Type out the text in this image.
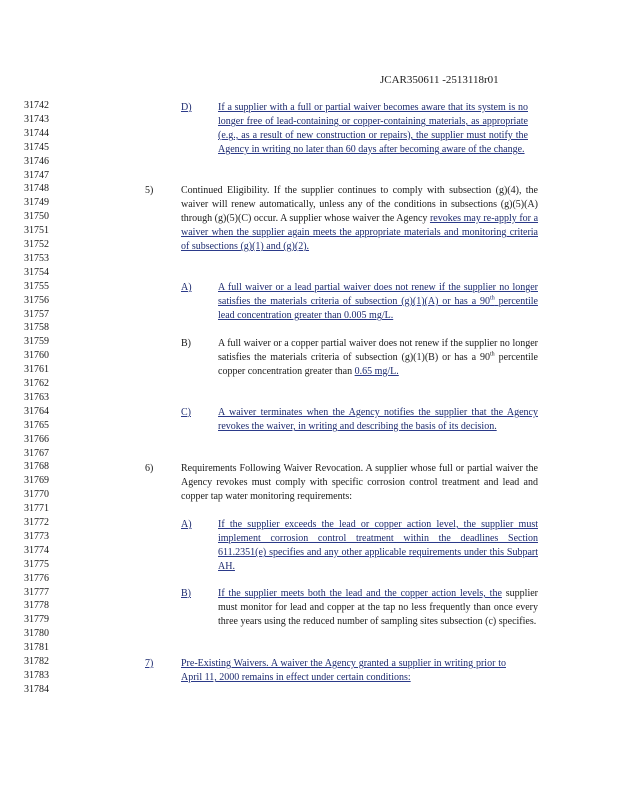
JCAR350611 -2513118r01
31742
31743
31744
31745
31746
31747
31748
31749
31750
31751
31752
31753
31754
31755
31756
31757
31758
31759
31760
31761
31762
31763
31764
31765
31766
31767
31768
31769
31770
31771
31772
31773
31774
31775
31776
31777
31778
31779
31780
31781
31782
31783
31784
D)	If a supplier with a full or partial waiver becomes aware that its system is no longer free of lead-containing or copper-containing materials, as appropriate (e.g., as a result of new construction or repairs), the supplier must notify the Agency in writing no later than 60 days after becoming aware of the change.
5)	Continued Eligibility. If the supplier continues to comply with subsection (g)(4), the waiver will renew automatically, unless any of the conditions in subsections (g)(5)(A) through (g)(5)(C) occur. A supplier whose waiver the Agency revokes may re-apply for a waiver when the supplier again meets the appropriate materials and monitoring criteria of subsections (g)(1) and (g)(2).
A)	A full waiver or a lead partial waiver does not renew if the supplier no longer satisfies the materials criteria of subsection (g)(1)(A) or has a 90th percentile lead concentration greater than 0.005 mg/L.
B)	A full waiver or a copper partial waiver does not renew if the supplier no longer satisfies the materials criteria of subsection (g)(1)(B) or has a 90th percentile copper concentration greater than 0.65 mg/L.
C)	A waiver terminates when the Agency notifies the supplier that the Agency revokes the waiver, in writing and describing the basis of its decision.
6)	Requirements Following Waiver Revocation. A supplier whose full or partial waiver the Agency revokes must comply with specific corrosion control treatment and lead and copper tap water monitoring requirements:
A)	If the supplier exceeds the lead or copper action level, the supplier must implement corrosion control treatment within the deadlines Section 611.2351(e) specifies and any other applicable requirements under this Subpart AH.
B)	If the supplier meets both the lead and the copper action levels, the supplier must monitor for lead and copper at the tap no less frequently than once every three years using the reduced number of sampling sites subsection (c) specifies.
7)	Pre-Existing Waivers. A waiver the Agency granted a supplier in writing prior to April 11, 2000 remains in effect under certain conditions:
